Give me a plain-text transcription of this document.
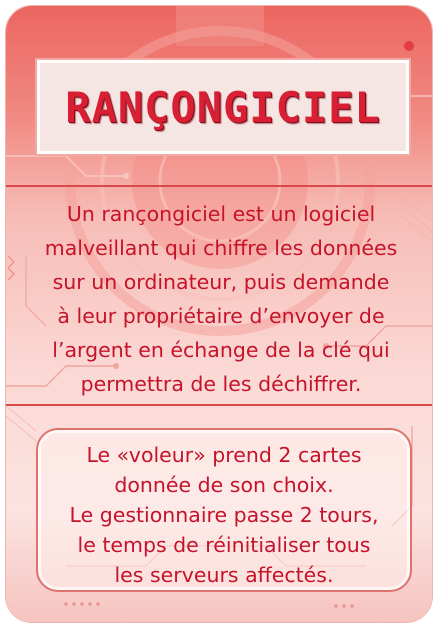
RANÇONGICIEL
Un rançongiciel est un logiciel
malveillant qui chiffre les données
sur un ordinateur, puis demande
à leur propriétaire d’envoyer de
l’argent en échange de la clé qui
permettra de les déchiffrer.
Le «voleur» prend 2 cartes
donnée de son choix.
Le gestionnaire passe 2 tours,
le temps de réinitialiser tous
les serveurs affectés.
